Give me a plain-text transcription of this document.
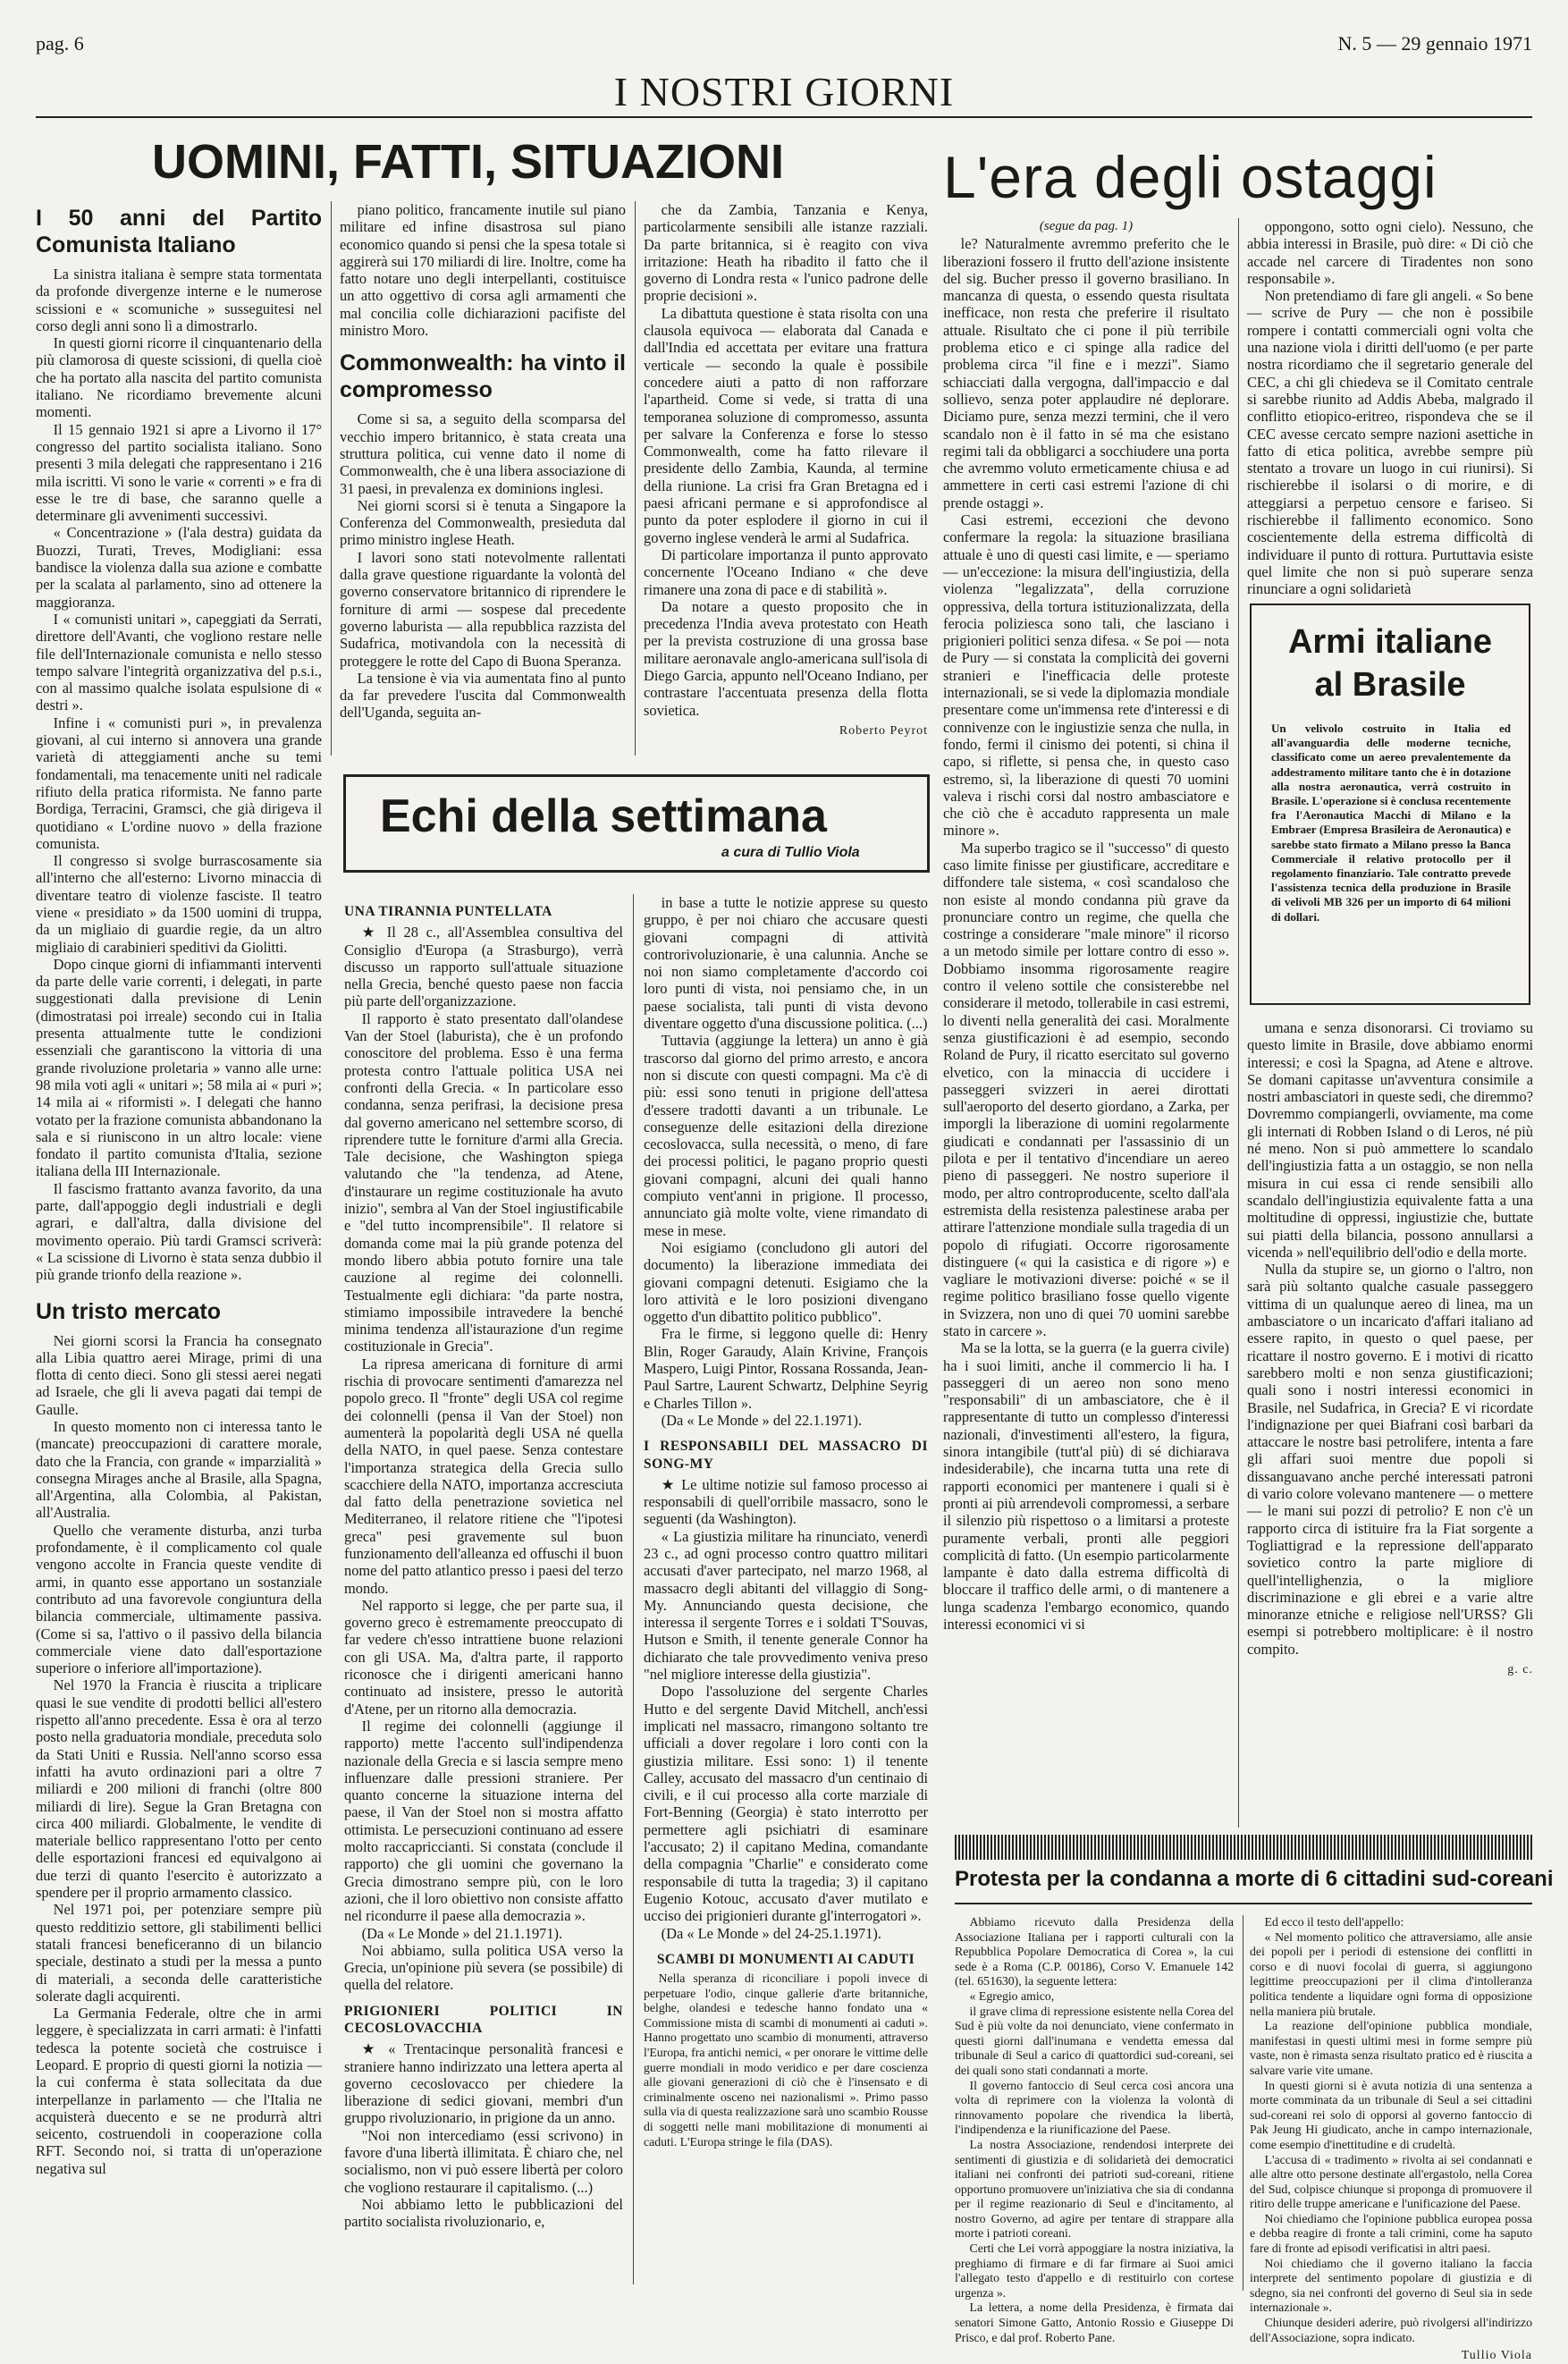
pag. 6	N. 5 — 29 gennaio 1971
I NOSTRI GIORNI
UOMINI, FATTI, SITUAZIONI
I 50 anni del Partito Comunista Italiano

La sinistra italiana è sempre stata tormentata da profonde divergenze interne e le numerose scissioni e « scomuniche » susseguitesi nel corso degli anni sono lì a dimostrarlo.

In questi giorni ricorre il cinquantenario della più clamorosa di queste scissioni, di quella cioè che ha portato alla nascita del partito comunista italiano. Ne ricordiamo brevemente alcuni momenti.

Il 15 gennaio 1921 si apre a Livorno il 17° congresso del partito socialista italiano. Sono presenti 3 mila delegati che rappresentano i 216 mila iscritti. Vi sono le varie « correnti » e fra di esse le tre di base, che saranno quelle a determinare gli avvenimenti successivi.

« Concentrazione » (l'ala destra) guidata da Buozzi, Turati, Treves, Modigliani: essa bandisce la violenza dalla sua azione e combatte per la scalata al parlamento, sino ad ottenere la maggioranza.

I « comunisti unitari », capeggiati da Serrati, direttore dell'Avanti, che vogliono restare nelle file dell'Internazionale comunista e nello stesso tempo salvare l'integrità organizzativa del p.s.i., con al massimo qualche isolata espulsione di « destri ».

Infine i « comunisti puri », in prevalenza giovani, al cui interno si annovera una grande varietà di atteggiamenti anche su temi fondamentali, ma tenacemente uniti nel radicale rifiuto della pratica riformista. Ne fanno parte Bordiga, Terracini, Gramsci, che già dirigeva il quotidiano « L'ordine nuovo » della frazione comunista.

Il congresso si svolge burrascosamente sia all'interno che all'esterno: Livorno minaccia di diventare teatro di violenze fasciste. Il teatro viene « presidiato » da 1500 uomini di truppa, da un migliaio di guardie regie, da un altro migliaio di carabinieri speditivi da Giolitti.

Dopo cinque giorni di infiammanti interventi da parte delle varie correnti, i delegati, in parte suggestionati dalla previsione di Lenin (dimostratasi poi irreale) secondo cui in Italia presenta attualmente tutte le condizioni essenziali che garantiscono la vittoria di una grande rivoluzione proletaria » vanno alle urne: 98 mila voti agli « unitari »; 58 mila ai « puri »; 14 mila ai « riformisti ». I delegati che hanno votato per la frazione comunista abbandonano la sala e si riuniscono in un altro locale: viene fondato il partito comunista d'Italia, sezione italiana della III Internazionale.

Il fascismo frattanto avanza favorito, da una parte, dall'appoggio degli industriali e degli agrari, e dall'altra, dalla divisione del movimento operaio. Più tardi Gramsci scriverà: « La scissione di Livorno è stata senza dubbio il più grande trionfo della reazione ».

Un tristo mercato

Nei giorni scorsi la Francia ha consegnato alla Libia quattro aerei Mirage, primi di una flotta di cento dieci. Sono gli stessi aerei negati ad Israele, che gli li aveva pagati dai tempi de Gaulle.

In questo momento non ci interessa tanto le (mancate) preoccupazioni di carattere morale, dato che la Francia, con grande « imparzialità » consegna Mirages anche al Brasile, alla Spagna, all'Argentina, alla Colombia, al Pakistan, all'Australia.

Quello che veramente disturba, anzi turba profondamente, è il complicamento col quale vengono accolte in Francia queste vendite di armi, in quanto esse apportano un sostanziale contributo ad una favorevole congiuntura della bilancia commerciale, ultimamente passiva. (Come si sa, l'attivo o il passivo della bilancia commerciale viene dato dall'esportazione superiore o inferiore all'importazione).

Nel 1970 la Francia è riuscita a triplicare quasi le sue vendite di prodotti bellici all'estero rispetto all'anno precedente. Essa è ora al terzo posto nella graduatoria mondiale, preceduta solo da Stati Uniti e Russia. Nell'anno scorso essa infatti ha avuto ordinazioni pari a oltre 7 miliardi e 200 milioni di franchi (oltre 800 miliardi di lire). Segue la Gran Bretagna con circa 400 miliardi. Globalmente, le vendite di materiale bellico rappresentano l'otto per cento delle esportazioni francesi ed equivalgono ai due terzi di quanto l'esercito è autorizzato a spendere per il proprio armamento classico.

Nel 1971 poi, per potenziare sempre più questo redditizio settore, gli stabilimenti bellici statali francesi beneficeranno di un bilancio speciale, destinato a studi per la messa a punto di materiali, a seconda delle caratteristiche solerate dagli acquirenti.

La Germania Federale, oltre che in armi leggere, è specializzata in carri armati: è l'infatti tedesca la potente società che costruisce i Leopard. E proprio di questi giorni la notizia — la cui conferma è stata sollecitata da due interpellanze in parlamento — che l'Italia ne acquisterà duecento e se ne produrrà altri seicento, costruendoli in cooperazione colla RFT. Secondo noi, si tratta di un'operazione negativa sul

piano politico, francamente inutile sul piano militare ed infine disastrosa sul piano economico quando si pensi che la spesa totale si aggirerà sui 170 miliardi di lire. Inoltre, come ha fatto notare uno degli interpellanti, costituisce un atto oggettivo di corsa agli armamenti che mal concilia colle dichiarazioni pacifiste del ministro Moro.

Commonwealth: ha vinto il compromesso

Come si sa, a seguito della scomparsa del vecchio impero britannico, è stata creata una struttura politica, cui venne dato il nome di Commonwealth, che è una libera associazione di 31 paesi, in prevalenza ex dominions inglesi.

Nei giorni scorsi si è tenuta a Singapore la Conferenza del Commonwealth, presieduta dal primo ministro inglese Heath.

I lavori sono stati notevolmente rallentati dalla grave questione riguardante la volontà del governo conservatore britannico di riprendere le forniture di armi — sospese dal precedente governo laburista — alla repubblica razzista del Sudafrica, motivandola con la necessità di proteggere le rotte del Capo di Buona Speranza.

La tensione è via via aumentata fino al punto da far prevedere l'uscita dal Commonwealth dell'Uganda, seguita an-

che da Zambia, Tanzania e Kenya, particolarmente sensibili alle istanze razziali. Da parte britannica, si è reagito con viva irritazione: Heath ha ribadito il fatto che il governo di Londra resta « l'unico padrone delle proprie decisioni ».

La dibattuta questione è stata risolta con una clausola equivoca — elaborata dal Canada e dall'India ed accettata per evitare una frattura verticale — secondo la quale è possibile concedere aiuti a patto di non rafforzare l'apartheid. Come si vede, si tratta di una temporanea soluzione di compromesso, assunta per salvare la Conferenza e forse lo stesso Commonwealth, come ha fatto rilevare il presidente dello Zambia, Kaunda, al termine della riunione. La crisi fra Gran Bretagna ed i paesi africani permane e si approfondisce al punto da poter esplodere il giorno in cui il governo inglese venderà le armi al Sudafrica.

Di particolare importanza il punto approvato concernente l'Oceano Indiano « che deve rimanere una zona di pace e di stabilità ».

Da notare a questo proposito che in precedenza l'India aveva protestato con Heath per la prevista costruzione di una grossa base militare aeronavale anglo-americana sull'isola di Diego Garcia, appunto nell'Oceano Indiano, per contrastare l'accentuata presenza della flotta sovietica.

Roberto Peyrot
Echi della settimana
a cura di Tullio Viola
UNA TIRANNIA PUNTELLATA

★ Il 28 c., all'Assemblea consultiva del Consiglio d'Europa (a Strasburgo), verrà discusso un rapporto sull'attuale situazione nella Grecia, benché questo paese non faccia più parte dell'organizzazione.

Il rapporto è stato presentato dall'olandese Van der Stoel (laburista), che è un profondo conoscitore del problema. Esso è una ferma protesta contro l'attuale politica USA nei confronti della Grecia. « In particolare esso condanna, senza perifrasi, la decisione presa dal governo americano nel settembre scorso, di riprendere tutte le forniture d'armi alla Grecia. Tale decisione, che Washington spiega valutando che "la tendenza, ad Atene, d'instaurare un regime costituzionale ha avuto inizio", sembra al Van der Stoel ingiustificabile e "del tutto incomprensibile". Il relatore si domanda come mai la più grande potenza del mondo libero abbia potuto fornire una tale cauzione al regime dei colonnelli. Testualmente egli dichiara: "da parte nostra, stimiamo impossibile intravedere la benché minima tendenza all'istaurazione d'un regime costituzionale in Grecia".

La ripresa americana di forniture di armi rischia di provocare sentimenti d'amarezza nel popolo greco. Il "fronte" degli USA col regime dei colonnelli (pensa il Van der Stoel) non aumenterà la popolarità degli USA né quella della NATO, in quel paese. Senza contestare l'importanza strategica della Grecia sullo scacchiere della NATO, importanza accresciuta dal fatto della penetrazione sovietica nel Mediterraneo, il relatore ritiene che "l'ipotesi greca" pesi gravemente sul buon funzionamento dell'alleanza ed offuschi il buon nome del patto atlantico presso i paesi del terzo mondo.

Nel rapporto si legge, che per parte sua, il governo greco è estremamente preoccupato di far vedere ch'esso intrattiene buone relazioni con gli USA. Ma, d'altra parte, il rapporto riconosce che i dirigenti americani hanno continuato ad insistere, presso le autorità d'Atene, per un ritorno alla democrazia.

Il regime dei colonnelli (aggiunge il rapporto) mette l'accento sull'indipendenza nazionale della Grecia e si lascia sempre meno influenzare dalle pressioni straniere. Per quanto concerne la situazione interna del paese, il Van der Stoel non si mostra affatto ottimista. Le persecuzioni continuano ad essere molto raccapriccianti. Si constata (conclude il rapporto) che gli uomini che governano la Grecia dimostrano sempre più, con le loro azioni, che il loro obiettivo non consiste affatto nel ricondurre il paese alla democrazia ».

(Da « Le Monde » del 21.1.1971).

Noi abbiamo, sulla politica USA verso la Grecia, un'opinione più severa (se possibile) di quella del relatore.

PRIGIONIERI POLITICI IN CECOSLOVACCHIA

★ « Trentacinque personalità francesi e straniere hanno indirizzato una lettera aperta al governo cecoslovacco per chiedere la liberazione di sedici giovani, membri d'un gruppo rivoluzionario, in prigione da un anno.

"Noi non intercediamo (essi scrivono) in favore d'una libertà illimitata. È chiaro che, nel socialismo, non vi può essere libertà per coloro che vogliono restaurare il capitalismo. (...)

Noi abbiamo letto le pubblicazioni del partito socialista rivoluzionario, e,

in base a tutte le notizie apprese su questo gruppo, è per noi chiaro che accusare questi giovani compagni di attività controrivoluzionarie, è una calunnia. Anche se noi non siamo completamente d'accordo coi loro punti di vista, noi pensiamo che, in un paese socialista, tali punti di vista devono diventare oggetto d'una discussione politica. (...)

Tuttavia (aggiunge la lettera) un anno è già trascorso dal giorno del primo arresto, e ancora non si discute con questi compagni. Ma c'è di più: essi sono tenuti in prigione dell'attesa d'essere tradotti davanti a un tribunale. Le conseguenze delle esitazioni della direzione cecoslovacca, sulla necessità, o meno, di fare dei processi politici, le pagano proprio questi giovani compagni, alcuni dei quali hanno compiuto vent'anni in prigione. Il processo, annunciato già molte volte, viene rimandato di mese in mese.

Noi esigiamo (concludono gli autori del documento) la liberazione immediata dei giovani compagni detenuti. Esigiamo che la loro attività e le loro posizioni divengano oggetto d'un dibattito politico pubblico".

Fra le firme, si leggono quelle di: Henry Blin, Roger Garaudy, Alain Krivine, François Maspero, Luigi Pintor, Rossana Rossanda, Jean-Paul Sartre, Laurent Schwartz, Delphine Seyrig e Charles Tillon ».

(Da « Le Monde » del 22.1.1971).

I RESPONSABILI DEL MASSACRO DI SONG-MY

★ Le ultime notizie sul famoso processo ai responsabili di quell'orribile massacro, sono le seguenti (da Washington).

« La giustizia militare ha rinunciato, venerdì 23 c., ad ogni processo contro quattro militari accusati d'aver partecipato, nel marzo 1968, al massacro degli abitanti del villaggio di Song-My. Annunciando questa decisione, che interessa il sergente Torres e i soldati T'Souvas, Hutson e Smith, il tenente generale Connor ha dichiarato che tale provvedimento veniva preso "nel migliore interesse della giustizia".

Dopo l'assoluzione del sergente Charles Hutto e del sergente David Mitchell, anch'essi implicati nel massacro, rimangono soltanto tre ufficiali a dover regolare i loro conti con la giustizia militare. Essi sono: 1) il tenente Calley, accusato del massacro d'un centinaio di civili, e il cui processo alla corte marziale di Fort-Benning (Georgia) è stato interrotto per permettere agli psichiatri di esaminare l'accusato; 2) il capitano Medina, comandante della compagnia "Charlie" e considerato come responsabile di tutta la tragedia; 3) il capitano Eugenio Kotouc, accusato d'aver mutilato e ucciso dei prigionieri durante gl'interrogatori ».

(Da « Le Monde » del 24-25.1.1971).

SCAMBI DI MONUMENTI AI CADUTI

Nella speranza di riconciliare i popoli invece di perpetuare l'odio, cinque gallerie d'arte britanniche, belghe, olandesi e tedesche hanno fondato una « Commissione mista di scambi di monumenti ai caduti ». Hanno progettato uno scambio di monumenti, attraverso l'Europa, fra antichi nemici, « per onorare le vittime delle guerre mondiali in modo veridico e per dare coscienza alle giovani generazioni di ciò che è l'insensato e di criminalmente osceno nei nazionalismi ». Primo passo sulla via di questa realizzazione sarà uno scambio Rousse di soggetti nelle mani mobilitazione di monumenti ai caduti. L'Europa stringe le fila (DAS).

L'era degli ostaggi
(segue da pag. 1)

le? Naturalmente avremmo preferito che le liberazioni fossero il frutto dell'azione insistente del sig. Bucher presso il governo brasiliano. In mancanza di questa, o essendo questa risultata inefficace, non resta che preferire il risultato attuale. Risultato che ci pone il più terribile problema etico e ci spinge alla radice del problema circa "il fine e i mezzi". Siamo schiacciati dalla vergogna, dall'impaccio e dal sollievo, senza poter applaudire né deplorare. Diciamo pure, senza mezzi termini, che il vero scandalo non è il fatto in sé ma che esistano regimi tali da obbligarci a socchiudere una porta che avremmo voluto ermeticamente chiusa e ad ammettere in certi casi estremi l'azione di chi prende ostaggi ».

Casi estremi, eccezioni che devono confermare la regola: la situazione brasiliana attuale è uno di questi casi limite, e — speriamo — un'eccezione: la misura dell'ingiustizia, della violenza "legalizzata", della corruzione oppressiva, della tortura istituzionalizzata, della ferocia poliziesca sono tali, che lasciano i prigionieri politici senza difesa. « Se poi — nota de Pury — si constata la complicità dei governi stranieri e l'inefficacia delle proteste internazionali, se si vede la diplomazia mondiale presentare come un'immensa rete d'interessi e di connivenze con le ingiustizie senza che nulla, in fondo, fermi il cinismo dei potenti, si china il capo, si riflette, si pensa che, in questo caso estremo, sì, la liberazione di questi 70 uomini valeva i rischi corsi dal nostro ambasciatore e che ciò che è accaduto rappresenta un male minore ».

Ma superbo tragico se il "successo" di questo caso limite finisse per giustificare, accreditare e diffondere tale sistema, « così scandaloso che non esiste al mondo condanna più grave da pronunciare contro un regime, che quella che costringe a considerare "male minore" il ricorso a un metodo simile per lottare contro di esso ». Dobbiamo insomma rigorosamente reagire contro il veleno sottile che consisterebbe nel considerare il metodo, tollerabile in casi estremi, lo diventi nella generalità dei casi. Moralmente senza giustificazioni è ad esempio, secondo Roland de Pury, il ricatto esercitato sul governo elvetico, con la minaccia di uccidere i passeggeri svizzeri in aerei dirottati sull'aeroporto del deserto giordano, a Zarka, per imporgli la liberazione di uomini regolarmente giudicati e condannati per l'assassinio di un pilota e per il tentativo d'incendiare un aereo pieno di passeggeri. Ne nostro superiore il modo, per altro controproducente, scelto dall'ala estremista della resistenza palestinese araba per attirare l'attenzione mondiale sulla tragedia di un popolo di rifugiati. Occorre rigorosamente distinguere (« qui la casistica e di rigore ») e vagliare le motivazioni diverse: poiché « se il regime politico brasiliano fosse quello vigente in Svizzera, non uno di quei 70 uomini sarebbe stato in carcere ».

Ma se la lotta, se la guerra (e la guerra civile) ha i suoi limiti, anche il commercio li ha. I passeggeri di un aereo non sono meno "responsabili" di un ambasciatore, che è il rappresentante di tutto un complesso d'interessi nazionali, d'investimenti all'estero, la figura, sinora intangibile (tutt'al più) di sé dichiarava indesiderabile), che incarna tutta una rete di rapporti economici per mantenere i quali si è pronti ai più arrendevoli compromessi, a serbare il silenzio più rispettoso o a limitarsi a proteste puramente verbali, pronti alle peggiori complicità di fatto. (Un esempio particolarmente lampante è dato dalla estrema difficoltà di bloccare il traffico delle armi, o di mantenere a lunga scadenza l'embargo economico, quando interessi economici vi si

oppongono, sotto ogni cielo). Nessuno, che abbia interessi in Brasile, può dire: « Di ciò che accade nel carcere di Tiradentes non sono responsabile ».

Non pretendiamo di fare gli angeli. « So bene — scrive de Pury — che non è possibile rompere i contatti commerciali ogni volta che una nazione viola i diritti dell'uomo (e per parte nostra ricordiamo che il segretario generale del CEC, a chi gli chiedeva se il Comitato centrale si sarebbe riunito ad Addis Abeba, malgrado il conflitto etiopico-eritreo, rispondeva che se il CEC avesse cercato sempre nazioni asettiche in fatto di etica politica, avrebbe sempre più stentato a trovare un luogo in cui riunirsi). Si rischierebbe il isolarsi o di morire, e di atteggiarsi a perpetuo censore e fariseo. Si rischierebbe il fallimento economico. Sono coscientemente della estrema difficoltà di individuare il punto di rottura. Purtuttavia esiste quel limite che non si può superare senza rinunciare a ogni solidarietà

Armi italiane
al Brasile
Un velivolo costruito in Italia ed all'avanguardia delle moderne tecniche, classificato come un aereo prevalentemente da addestramento militare tanto che è in dotazione alla nostra aeronautica, verrà costruito in Brasile. L'operazione si è conclusa recentemente fra l'Aeronautica Macchi di Milano e la Embraer (Empresa Brasileira de Aeronautica) e sarebbe stato firmato a Milano presso la Banca Commerciale il relativo protocollo per il regolamento finanziario. Tale contratto prevede l'assistenza tecnica della produzione in Brasile di velivoli MB 326 per un importo di 64 milioni di dollari.

umana e senza disonorarsi. Ci troviamo su questo limite in Brasile, dove abbiamo enormi interessi; e così la Spagna, ad Atene e altrove. Se domani capitasse un'avventura consimile a nostri ambasciatori in queste sedi, che diremmo? Dovremmo compiangerli, ovviamente, ma come gli internati di Robben Island o di Leros, né più né meno. Non si può ammettere lo scandalo dell'ingiustizia fatta a un ostaggio, se non nella misura in cui essa ci rende sensibili allo scandalo dell'ingiustizia equivalente fatta a una moltitudine di oppressi, ingiustizie che, buttate sui piatti della bilancia, possono annullarsi a vicenda » nell'equilibrio dell'odio e della morte.

Nulla da stupire se, un giorno o l'altro, non sarà più soltanto qualche casuale passeggero vittima di un qualunque aereo di linea, ma un ambasciatore o un incaricato d'affari italiano ad essere rapito, in questo o quel paese, per ricattare il nostro governo. E i motivi di ricatto sarebbero molti e non senza giustificazioni; quali sono i nostri interessi economici in Brasile, nel Sudafrica, in Grecia? E vi ricordate l'indignazione per quei Biafrani così barbari da attaccare le nostre basi petrolifere, intenta a fare gli affari suoi mentre due popoli si dissanguavano anche perché interessati patroni di vario colore volevano mantenere — o mettere — le mani sui pozzi di petrolio? E non c'è un rapporto circa di istituire fra la Fiat sorgente a Togliattigrad e la repressione dell'apparato sovietico contro la parte migliore di quell'intellighenzia, o la migliore discriminazione e gli ebrei e a varie altre minoranze etniche e religiose nell'URSS? Gli esempi si potrebbero moltiplicare: è il nostro compito.

g. c.
Protesta per la condanna a morte di 6 cittadini sud-coreani

Abbiamo ricevuto dalla Presidenza della Associazione Italiana per i rapporti culturali con la Repubblica Popolare Democratica di Corea », la cui sede è a Roma (C.P. 00186), Corso V. Emanuele 142 (tel. 651630), la seguente lettera:

« Egregio amico,

il grave clima di repressione esistente nella Corea del Sud è più volte da noi denunciato, viene confermato in questi giorni dall'inumana e vendetta emessa dal tribunale di Seul a carico di quattordici sud-coreani, sei dei quali sono stati condannati a morte.

Il governo fantoccio di Seul cerca così ancora una volta di reprimere con la violenza la volontà di rinnovamento popolare che rivendica la libertà, l'indipendenza e la riunificazione del Paese.

La nostra Associazione, rendendosi interprete dei sentimenti di giustizia e di solidarietà dei democratici italiani nei confronti dei patrioti sud-coreani, ritiene opportuno promuovere un'iniziativa che sia di condanna per il regime reazionario di Seul e d'incitamento, al nostro Governo, ad agire per tentare di strappare alla morte i patrioti coreani.

Certi che Lei vorrà appoggiare la nostra iniziativa, la preghiamo di firmare e di far firmare ai Suoi amici l'allegato testo d'appello e di restituirlo con cortese urgenza ».

La lettera, a nome della Presidenza, è firmata dai senatori Simone Gatto, Antonio Rossio e Giuseppe Di Prisco, e dal prof. Roberto Pane.

Ed ecco il testo dell'appello:

« Nel momento politico che attraversiamo, alle ansie dei popoli per i periodi di estensione dei conflitti in corso e di nuovi focolai di guerra, si aggiungono legittime preoccupazioni per il clima d'intolleranza politica tendente a liquidare ogni forma di opposizione nella maniera più brutale.

La reazione dell'opinione pubblica mondiale, manifestasi in questi ultimi mesi in forme sempre più vaste, non è rimasta senza risultato pratico ed è riuscita a salvare varie vite umane.

In questi giorni si è avuta notizia di una sentenza a morte comminata da un tribunale di Seul a sei cittadini sud-coreani rei solo di opporsi al governo fantoccio di Pak Jeung Hi giudicato, anche in campo internazionale, come esempio d'inettitudine e di crudeltà.

L'accusa di « tradimento » rivolta ai sei condannati e alle altre otto persone destinate all'ergastolo, nella Corea del Sud, colpisce chiunque si proponga di promuovere il ritiro delle truppe americane e l'unificazione del Paese.

Noi chiediamo che l'opinione pubblica europea possa e debba reagire di fronte a tali crimini, come ha saputo fare di fronte ad episodi verificatisi in altri paesi.

Noi chiediamo che il governo italiano la faccia interprete del sentimento popolare di giustizia e di sdegno, sia nei confronti del governo di Seul sia in sede internazionale ».

Chiunque desideri aderire, può rivolgersi all'indirizzo dell'Associazione, sopra indicato.

Tullio Viola
